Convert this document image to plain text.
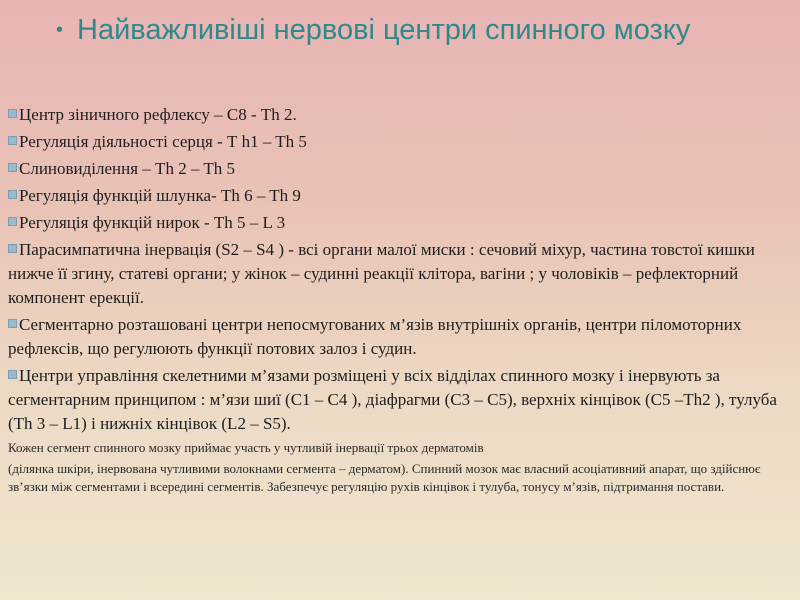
• Найважливіші нервові центри спинного мозку
Центр зіничного рефлексу – С8 - Th 2.
Регуляція діяльності серця - Т h1 – Th 5
Слиновиділення – Th 2 – Th 5
Регуляція функцій шлунка- Th 6 – Th 9
Регуляція функцій нирок - Th 5 – L 3
Парасимпатична інервація (S2 – S4 ) - всі органи малої миски : сечовий міхур, частина товстої кишки нижче її згину, статеві органи; у жінок – судинні реакції клітора, вагіни ; у чоловіків – рефлекторний компонент ерекції.
Сегментарно розташовані центри непосмугованих м’язів внутрішніх органів, центри піломоторних рефлексів, що регулюють функції потових залоз і судин.
Центри управління скелетними м’язами розміщені у всіх відділах спинного мозку і інервують за сегментарним принципом : м’язи шиї (С1 – С4 ), діафрагми (С3 – С5), верхніх кінцівок (С5 –Th2 ), тулуба (Th 3 – L1) і нижніх кінцівок (L2 – S5).
Кожен сегмент спинного мозку приймає участь у чутливій інервації трьох дерматомів
(ділянка шкіри, інервована чутливими волокнами сегмента – дерматом). Спинний мозок має власний асоціативний апарат, що здійснює зв’язки між сегментами і всередині сегментів. Забезпечує регуляцію рухів кінцівок і тулуба, тонусу м’язів, підтримання постави.
